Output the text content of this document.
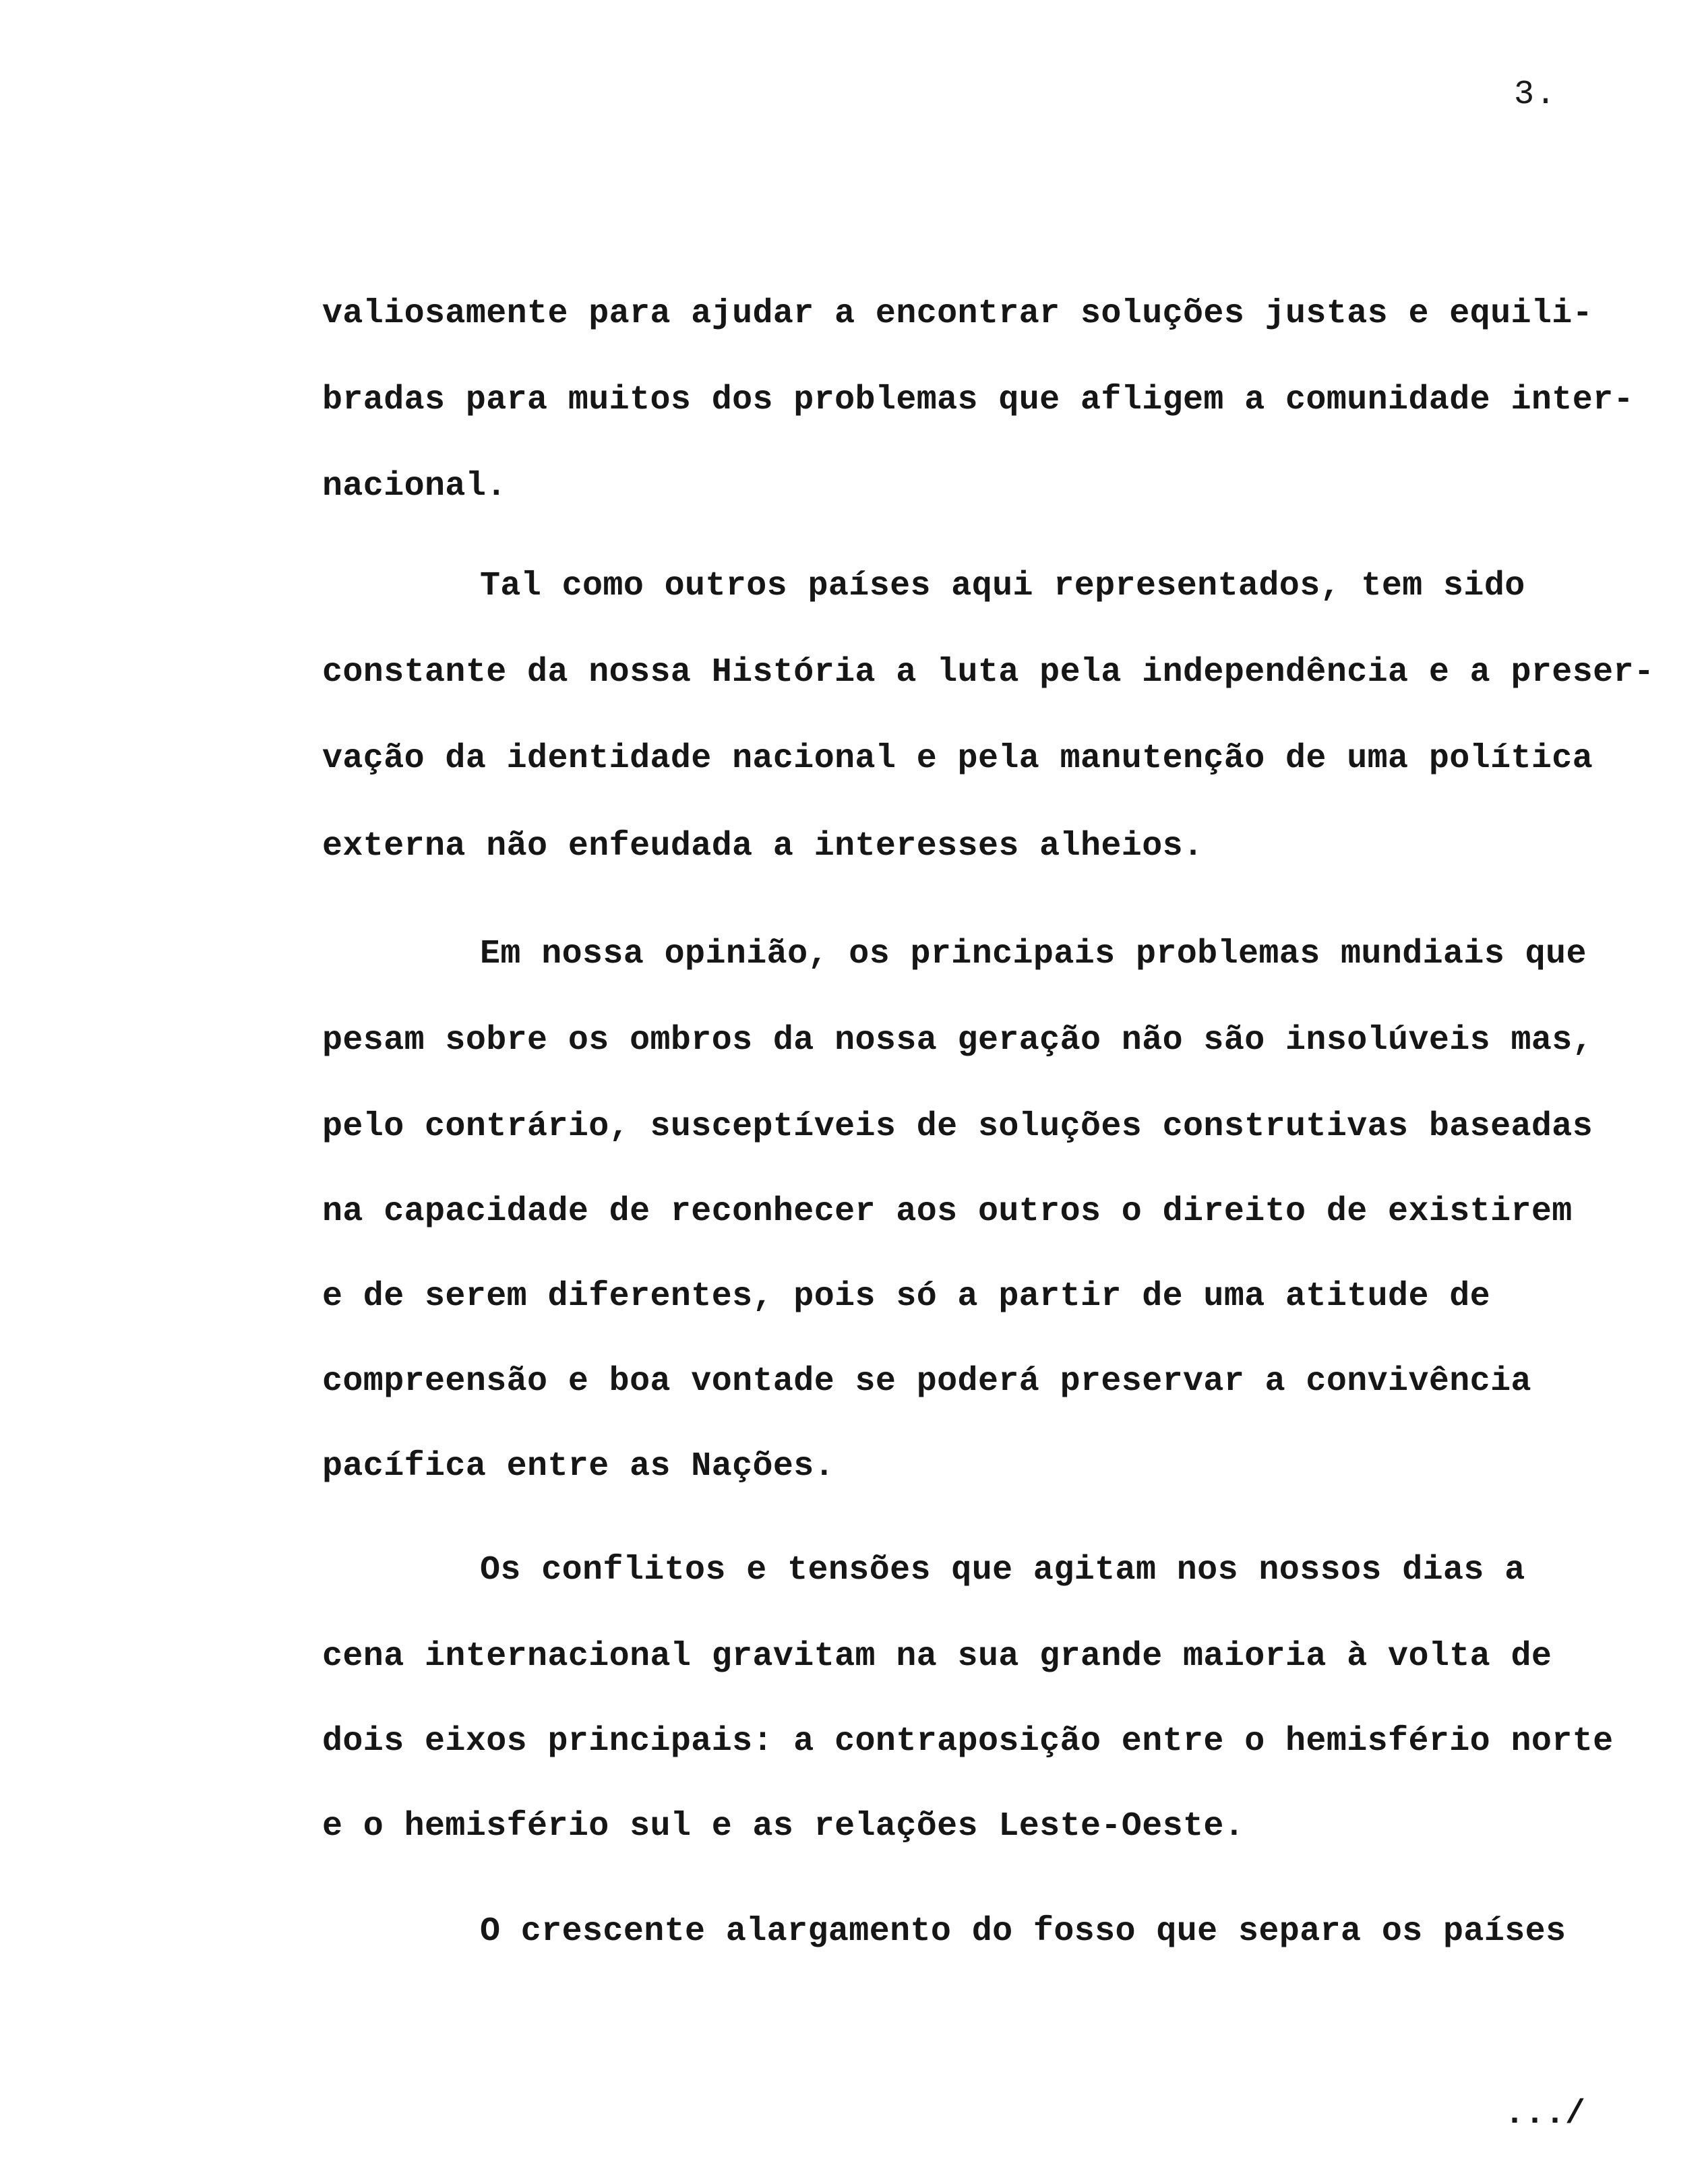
3.
valiosamente para ajudar a encontrar soluções justas e equili-
bradas para muitos dos problemas que afligem a comunidade inter-
nacional.
Tal como outros países aqui representados, tem sido
constante da nossa História a luta pela independência e a preser-
vação da identidade nacional e pela manutenção de uma política
externa não enfeudada a interesses alheios.
Em nossa opinião, os principais problemas mundiais que
pesam sobre os ombros da nossa geração não são insolúveis mas,
pelo contrário, susceptíveis de soluções construtivas baseadas
na capacidade de reconhecer aos outros o direito de existirem
e de serem diferentes, pois só a partir de uma atitude de
compreensão e boa vontade se poderá preservar a convivência
pacífica entre as Nações.
Os conflitos e tensões que agitam nos nossos dias a
cena internacional gravitam na sua grande maioria à volta de
dois eixos principais: a contraposição entre o hemisfério norte
e o hemisfério sul e as relações Leste-Oeste.
O crescente alargamento do fosso que separa os países
.../
